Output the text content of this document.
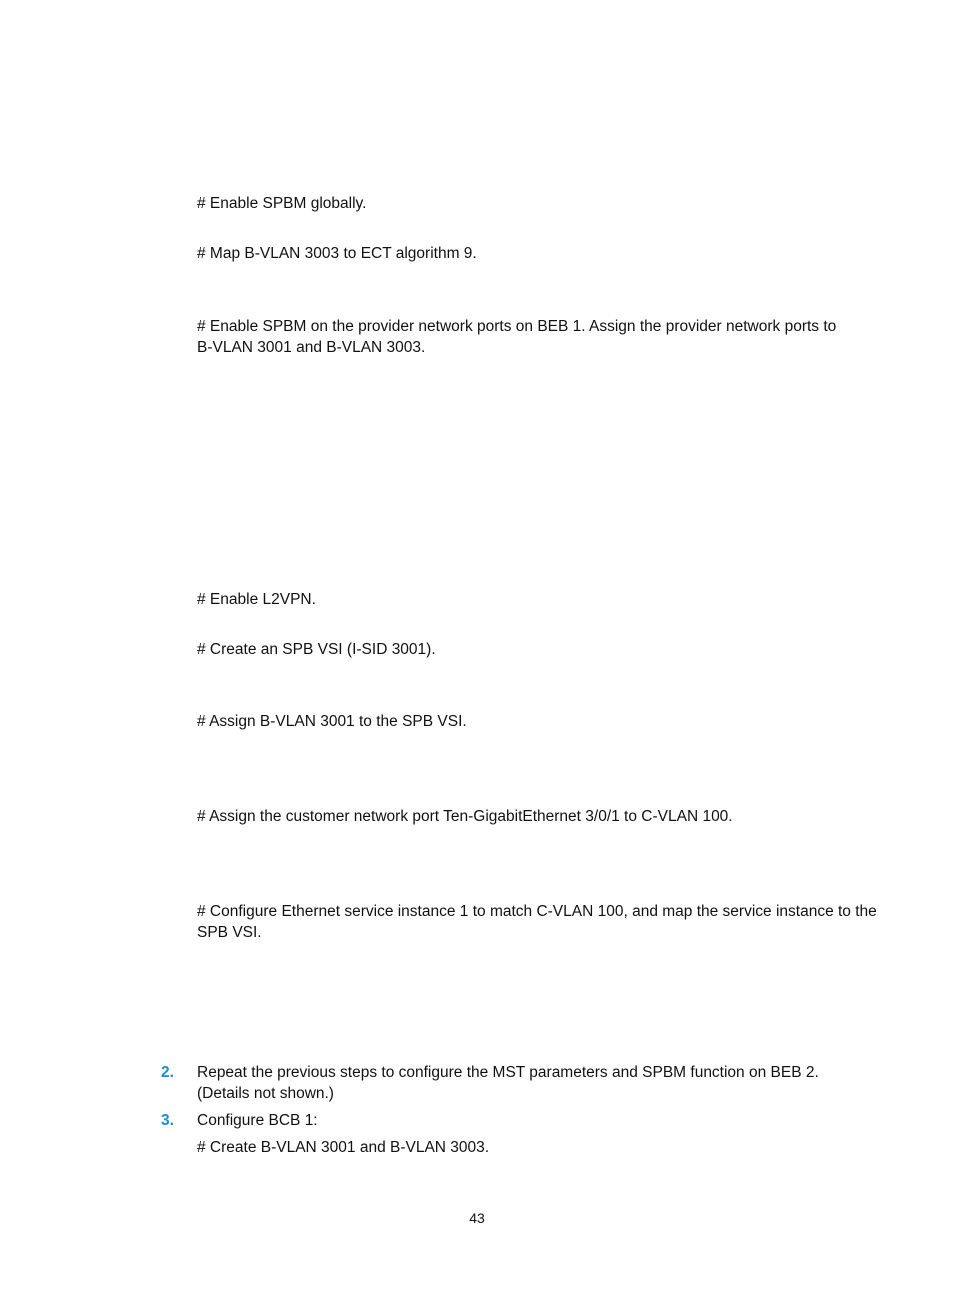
# Enable SPBM globally.
# Map B-VLAN 3003 to ECT algorithm 9.
# Enable SPBM on the provider network ports on BEB 1. Assign the provider network ports to
B-VLAN 3001 and B-VLAN 3003.
# Enable L2VPN.
# Create an SPB VSI (I-SID 3001).
# Assign B-VLAN 3001 to the SPB VSI.
# Assign the customer network port Ten-GigabitEthernet 3/0/1 to C-VLAN 100.
# Configure Ethernet service instance 1 to match C-VLAN 100, and map the service instance to the
SPB VSI.
2. Repeat the previous steps to configure the MST parameters and SPBM function on BEB 2. (Details not shown.)
3. Configure BCB 1:
# Create B-VLAN 3001 and B-VLAN 3003.
43
